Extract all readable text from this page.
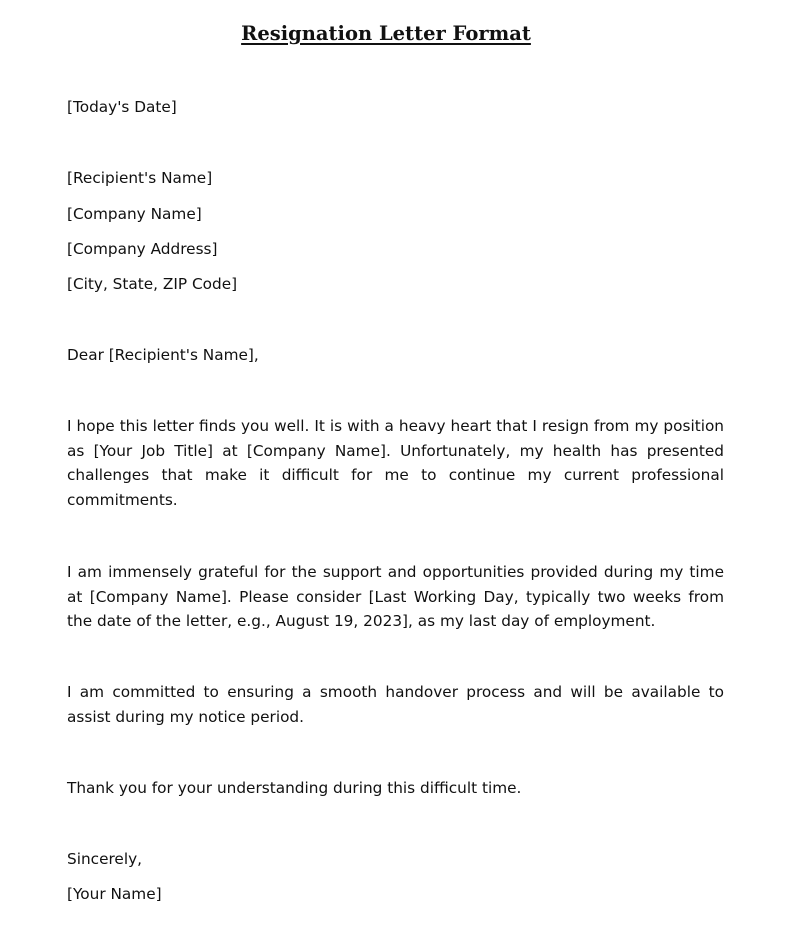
Resignation Letter Format
[Today's Date]
[Recipient's Name]
[Company Name]
[Company Address]
[City, State, ZIP Code]
Dear [Recipient's Name],
I hope this letter finds you well. It is with a heavy heart that I resign from my position as [Your Job Title] at [Company Name]. Unfortunately, my health has presented challenges that make it difficult for me to continue my current professional commitments.
I am immensely grateful for the support and opportunities provided during my time at [Company Name]. Please consider [Last Working Day, typically two weeks from the date of the letter, e.g., August 19, 2023], as my last day of employment.
I am committed to ensuring a smooth handover process and will be available to assist during my notice period.
Thank you for your understanding during this difficult time.
Sincerely,
[Your Name]
